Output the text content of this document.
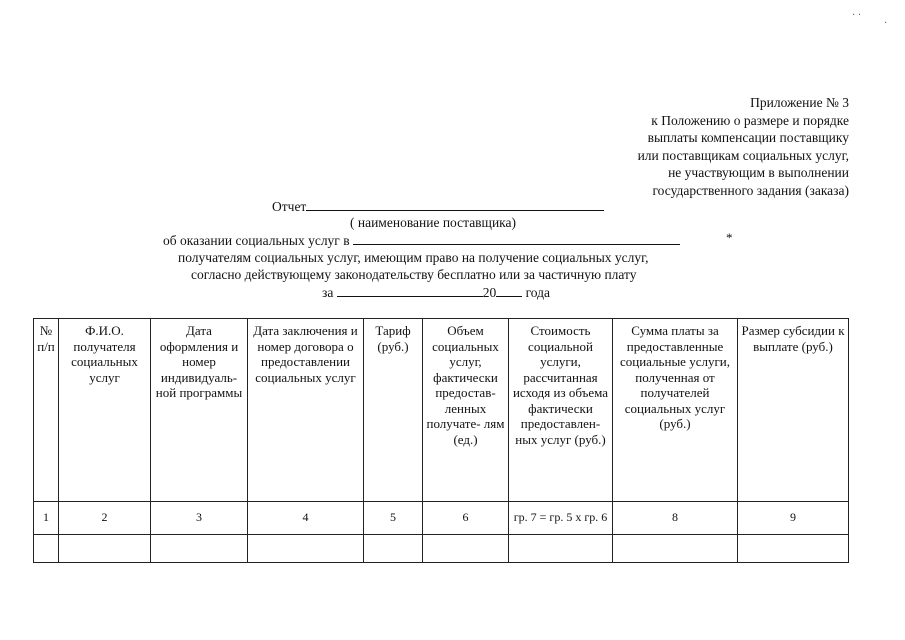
· ·
·
Приложение № 3
к Положению о размере и порядке
выплаты компенсации поставщику
или поставщикам социальных услуг,
не участвующим в выполнении
государственного задания (заказа)
Отчет
( наименование поставщика)
об оказании социальных услуг в	*
получателям социальных услуг, имеющим право на получение социальных услуг,
согласно действующему законодательству бесплатно или за частичную плату
за	20 года
№ п/п	Ф.И.О. получателя социальных услуг	Дата оформления и номер индивидуаль- ной программы	Дата заключения и номер договора о предоставлении социальных услуг	Тариф (руб.)	Объем социальных услуг, фактически предостав- ленных получате- лям (ед.)	Стоимость социальной услуги, рассчитанная исходя из объема фактически предоставлен- ных услуг (руб.)	Сумма платы за предоставленные социальные услуги, полученная от получателей социальных услуг (руб.)	Размер субсидии к выплате (руб.)
1	2	3	4	5	6	гр. 7 = гр. 5 х гр. 6	8	9
